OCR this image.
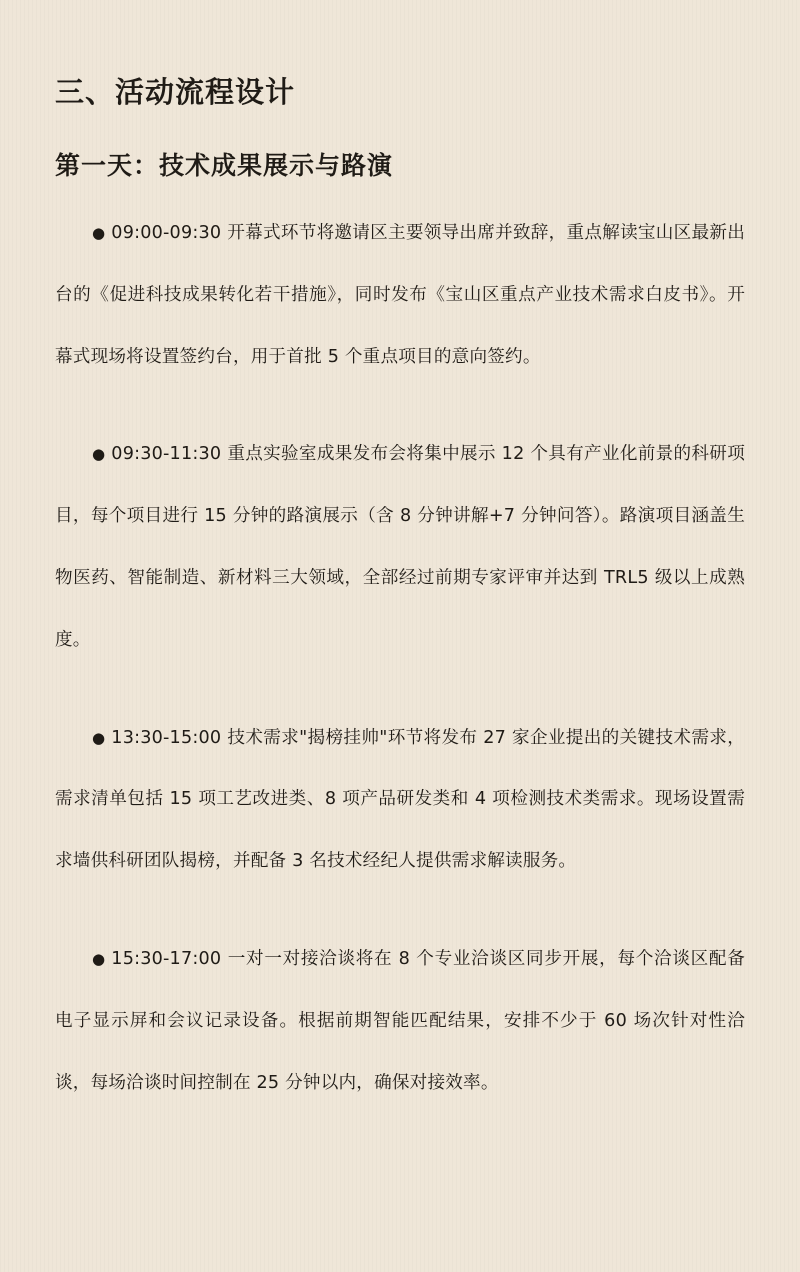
三、活动流程设计
第一天：技术成果展示与路演

● 09:00-09:30 开幕式环节将邀请区主要领导出席并致辞，重点解读宝山区最新出台的《促进科技成果转化若干措施》，同时发布《宝山区重点产业技术需求白皮书》。开幕式现场将设置签约台，用于首批 5 个重点项目的意向签约。

● 09:30-11:30 重点实验室成果发布会将集中展示 12 个具有产业化前景的科研项目，每个项目进行 15 分钟的路演展示（含 8 分钟讲解+7 分钟问答）。路演项目涵盖生物医药、智能制造、新材料三大领域，全部经过前期专家评审并达到 TRL5 级以上成熟度。

● 13:30-15:00 技术需求"揭榜挂帅"环节将发布 27 家企业提出的关键技术需求，需求清单包括 15 项工艺改进类、8 项产品研发类和 4 项检测技术类需求。现场设置需求墙供科研团队揭榜，并配备 3 名技术经纪人提供需求解读服务。

● 15:30-17:00 一对一对接洽谈将在 8 个专业洽谈区同步开展，每个洽谈区配备电子显示屏和会议记录设备。根据前期智能匹配结果，安排不少于 60 场次针对性洽谈，每场洽谈时间控制在 25 分钟以内，确保对接效率。
